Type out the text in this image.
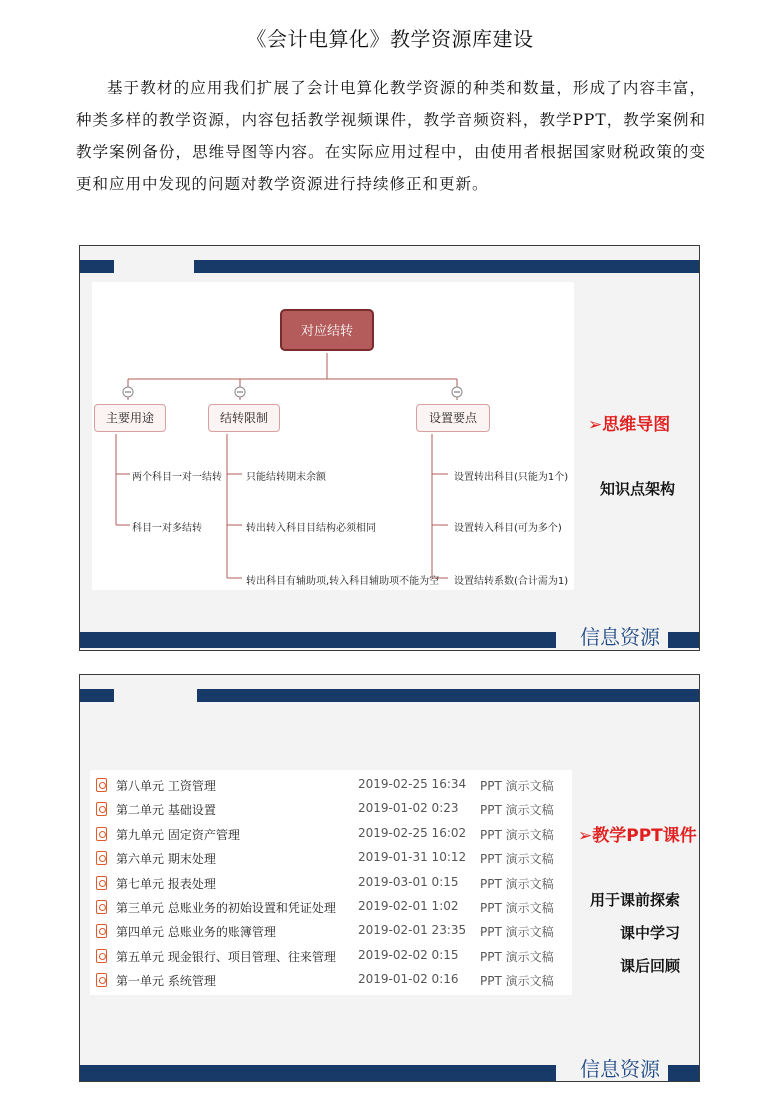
《会计电算化》教学资源库建设

基于教材的应用我们扩展了会计电算化教学资源的种类和数量，形成了内容丰富，种类多样的教学资源，内容包括教学视频课件，教学音频资料，教学PPT，教学案例和教学案例备份，思维导图等内容。在实际应用过程中，由使用者根据国家财税政策的变更和应用中发现的问题对教学资源进行持续修正和更新。

对应结转
主要用途	结转限制	设置要点
两个科目一对一结转
科目一对多结转
只能结转期末余额
转出转入科目目结构必须相同
转出科目有辅助项,转入科目辅助项不能为空
设置转出科目(只能为1个)
设置转入科目(可为多个)
设置结转系数(合计需为1)
➢思维导图
知识点架构
信息资源
第八单元 工资管理	2019-02-25 16:34 PPT 演示文稿
第二单元 基础设置	2019-01-02 0:23 PPT 演示文稿
第九单元 固定资产管理	2019-02-25 16:02 PPT 演示文稿
第六单元 期末处理	2019-01-31 10:12 PPT 演示文稿
第七单元 报表处理	2019-03-01 0:15 PPT 演示文稿
第三单元 总账业务的初始设置和凭证处理 2019-02-01 1:02 PPT 演示文稿
第四单元 总账业务的账簿管理	2019-02-01 23:35 PPT 演示文稿
第五单元 现金银行、项目管理、往来管理 2019-02-02 0:15 PPT 演示文稿
第一单元 系统管理	2019-01-02 0:16 PPT 演示文稿
➢教学PPT课件
用于课前探索
课中学习
课后回顾
信息资源
